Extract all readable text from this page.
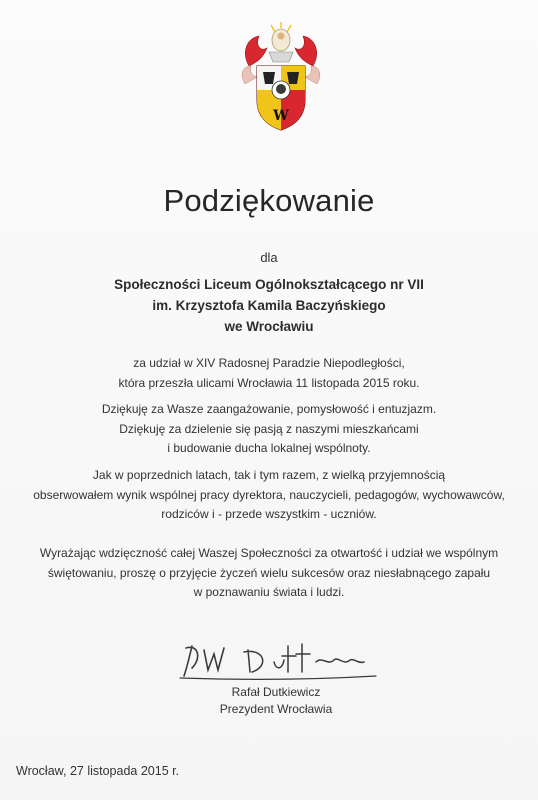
W
Podziękowanie
dla
Społeczności Liceum Ogólnokształcącego nr VII
im. Krzysztofa Kamila Baczyńskiego
we Wrocławiu
za udział w XIV Radosnej Paradzie Niepodległości,
która przeszła ulicami Wrocławia 11 listopada 2015 roku.
Dziękuję za Wasze zaangażowanie, pomysłowość i entuzjazm.
Dziękuję za dzielenie się pasją z naszymi mieszkańcami
i budowanie ducha lokalnej wspólnoty.
Jak w poprzednich latach, tak i tym razem, z wielką przyjemnością
obserwowałem wynik wspólnej pracy dyrektora, nauczycieli, pedagogów, wychowawców,
rodziców i - przede wszystkim - uczniów.
Wyrażając wdzięczność całej Waszej Społeczności za otwartość i udział we wspólnym
świętowaniu, proszę o przyjęcie życzeń wielu sukcesów oraz niesłabnącego zapału
w poznawaniu świata i ludzi.
Rafał Dutkiewicz
Prezydent Wrocławia
Wrocław, 27 listopada 2015 r.
